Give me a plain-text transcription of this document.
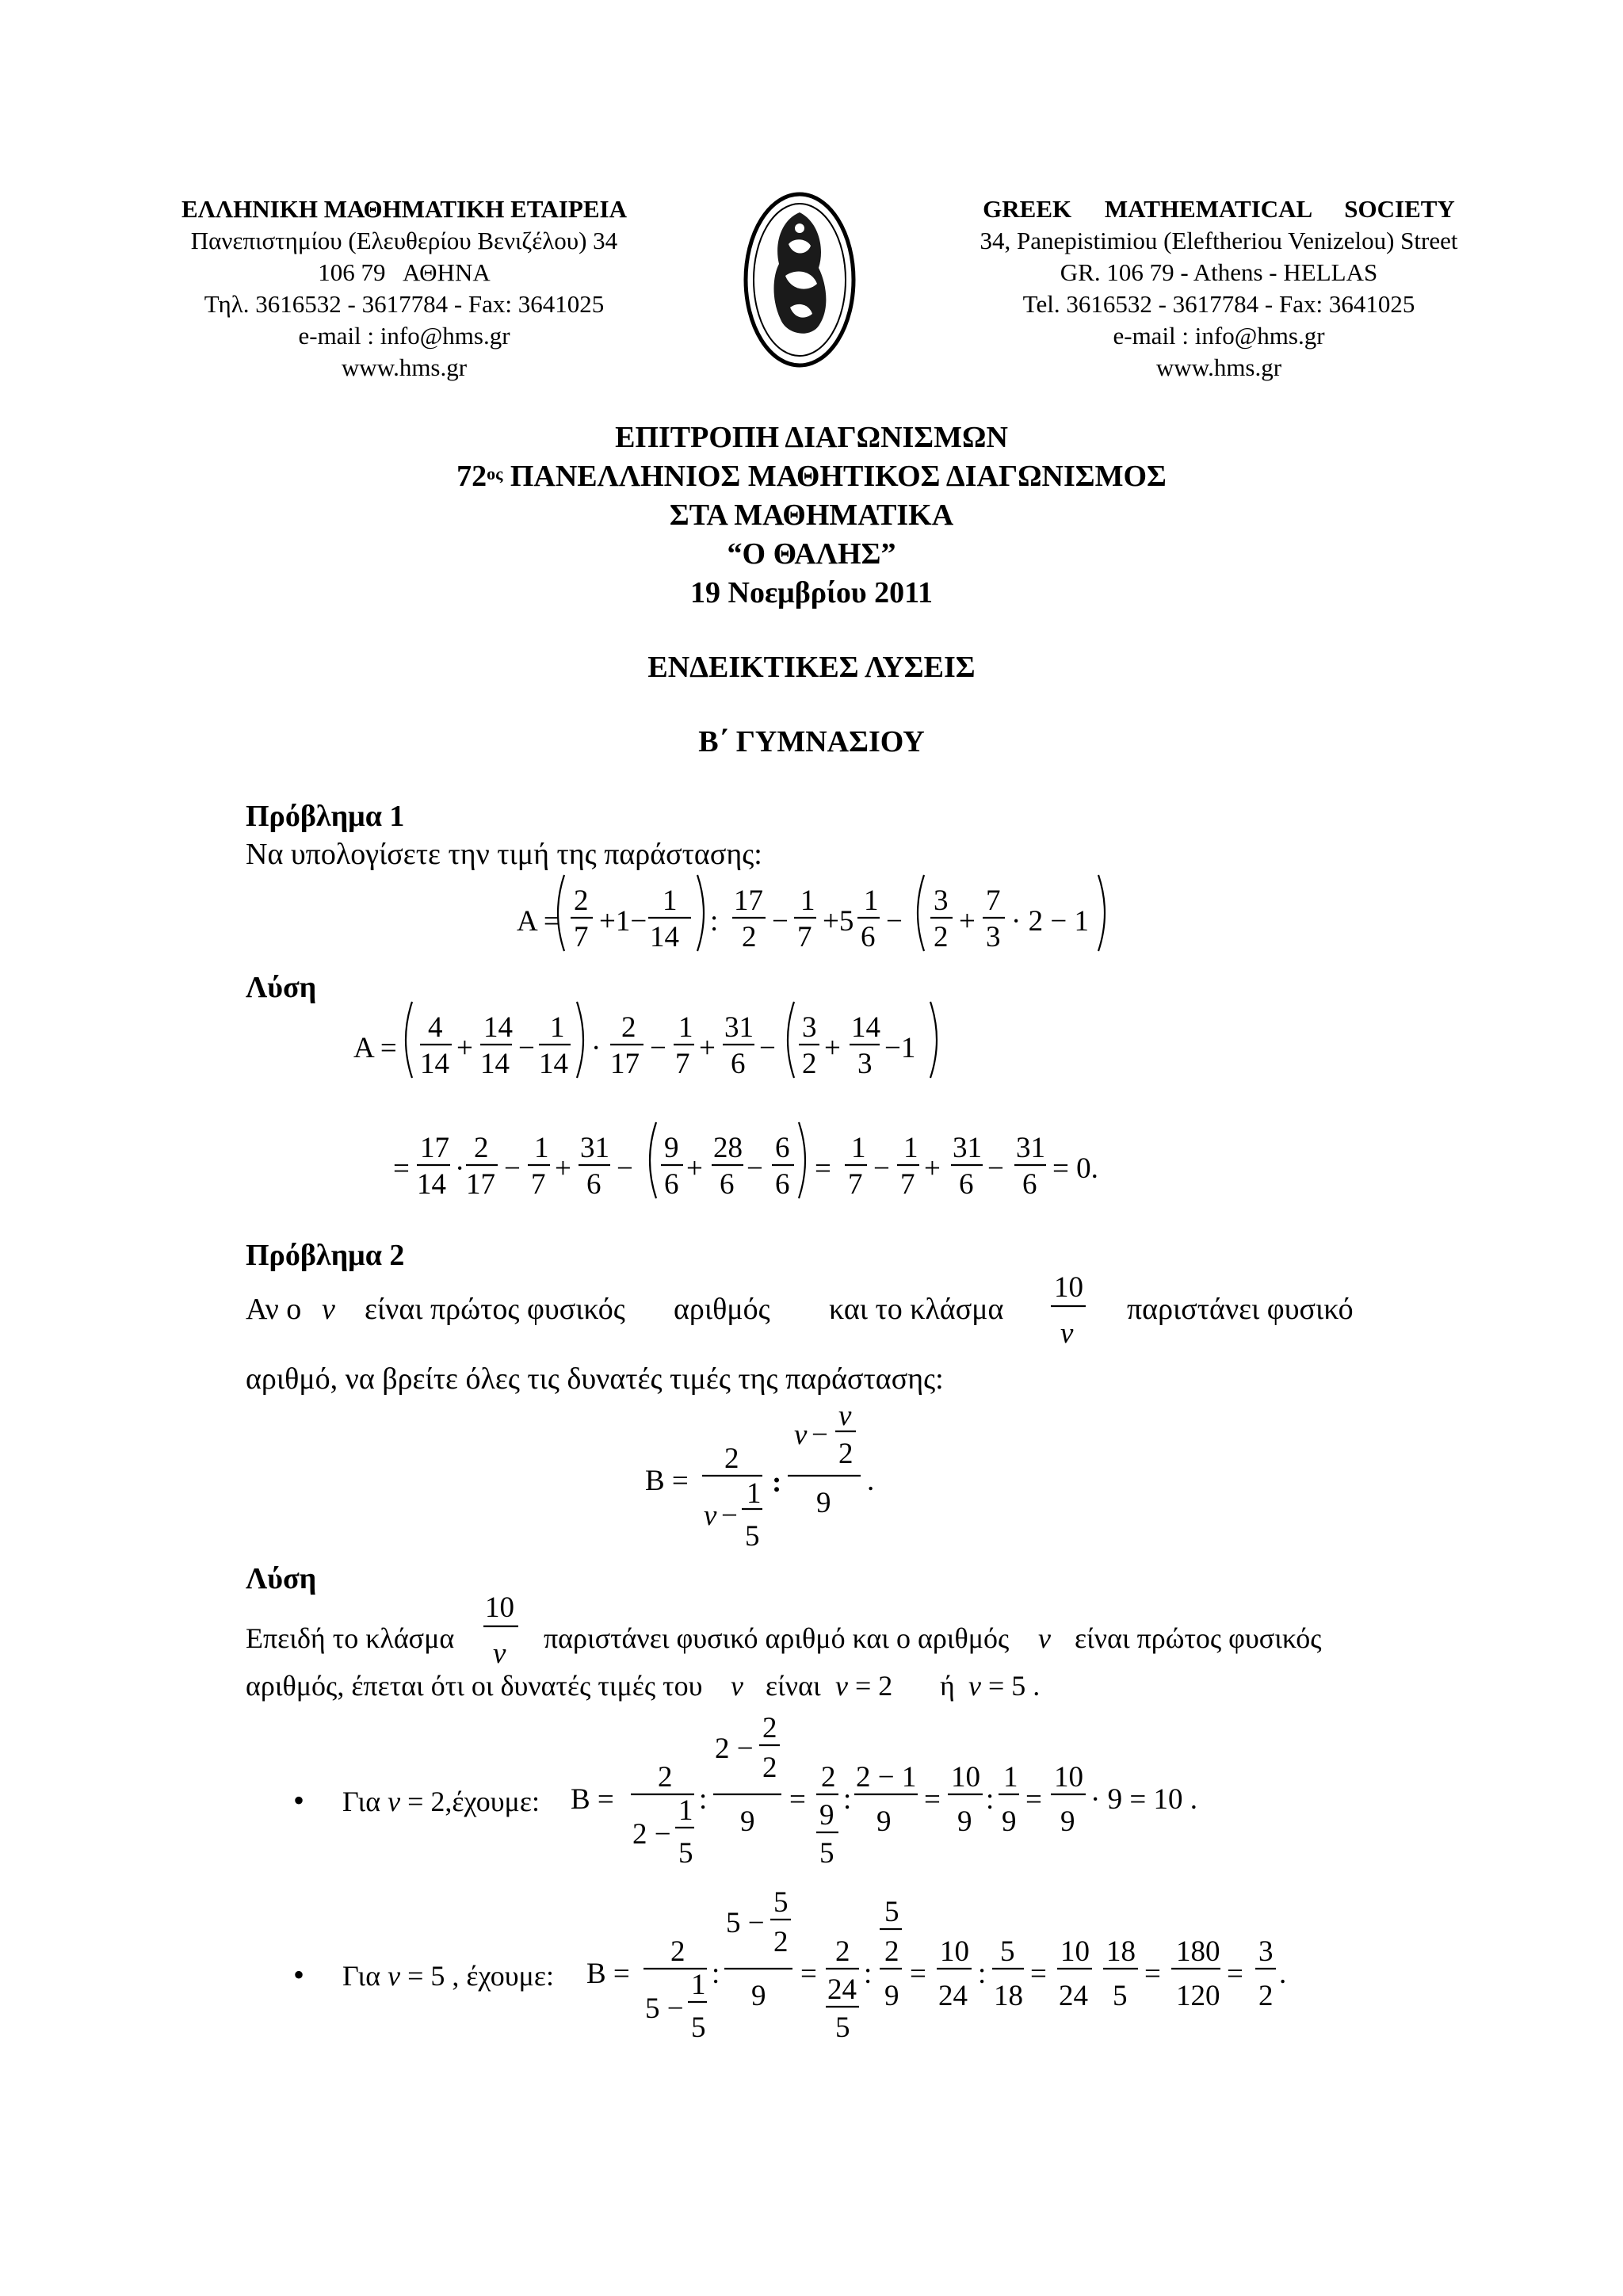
ΕΛΛΗΝΙΚΗ ΜΑΘΗΜΑΤΙΚΗ ΕΤΑΙΡΕΙΑ
Πανεπιστημίου (Ελευθερίου Βενιζέλου) 34
106 79   ΑΘΗΝΑ
Τηλ. 3616532 - 3617784 - Fax: 3641025
e-mail : info@hms.gr
www.hms.gr
GREEK MATHEMATICAL SOCIETY
34, Panepistimiou (Eleftheriou Venizelou) Street
GR. 106 79 - Athens - HELLAS
Tel. 3616532 - 3617784 - Fax: 3641025
e-mail : info@hms.gr
www.hms.gr
ΕΠΙΤΡΟΠΗ ΔΙΑΓΩΝΙΣΜΩΝ
$72^{o\varsigma}$ ΠΑΝΕΛΛΗΝΙΟΣ ΜΑΘΗΤΙΚΟΣ ΔΙΑΓΩΝΙΣΜΟΣ
ΣΤΑ ΜΑΘΗΜΑΤΙΚΑ
“Ο ΘΑΛΗΣ”
19 Νοεμβρίου 2011
ΕΝΔΕΙΚΤΙΚΕΣ ΛΥΣΕΙΣ
Β΄ ΓΥΜΝΑΣΙΟΥ
Πρόβλημα 1
Να υπολογίσετε την τιμή της παράστασης:
A =
2
7 +1−
1
14 :
17
2 −
1
7 +5
1
6 −
3
2 +
7
3 · 2 − 1
A =
4
14 +
14
14 −
1
14 ·
2
17 −
1
7 +
31
6 −
3
2 +
14
3 −1
=
17
14 ·
2
17 −
1
7 +
31
6 −
9
6 +
28
6 −
6
6 =
1
7 −
1
7 +
31
6 −
31
6 = 0.
Λύση
Πρόβλημα 2
Αν ο ν είναι πρώτος φυσικός αριθμός και το κλάσμα	παριστάνει φυσικό
αριθμό, να βρείτε όλες τις δυνατές τιμές της παράστασης:
Λύση
Επειδή το κλάσμα	παριστάνει φυσικό αριθμό και ο αριθμός ν είναι πρώτος φυσικός
αριθμός, έπεται ότι οι δυνατές τιμές του ν είναι ν = 2 ή ν = 5 .
• Για ν = 2,έχουμε:
• Για ν = 5 , έχουμε:
10
ν
B =
2
ν −
1
5
:
ν −
ν
2
9
.
10
ν
B =
2
2 −
1
5
:
2 −
2
2
9
=
2
9
5
:
2 − 1
9
=
10
9
:
1
9
=
10
9
· 9 = 10 .
B =
2
5 −
1
5
:
5 −
5
2
9
=
2
24
5
:
5
2
9
=
10
24
:
5
18
=
10
24
18
5
=
180
120
=
3
2
.
